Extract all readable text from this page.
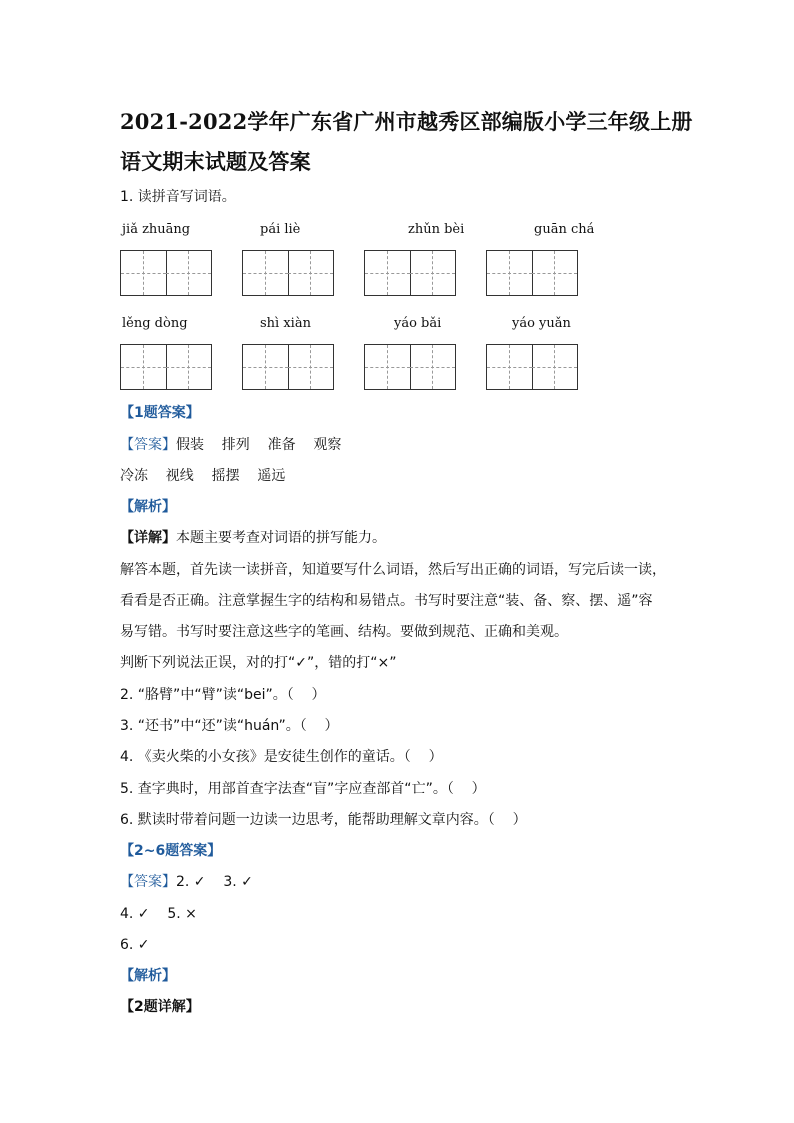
2021-2022学年广东省广州市越秀区部编版小学三年级上册
语文期末试题及答案
1. 读拼音写词语。
jiǎ zhuāng	pái liè	zhǔn bèi	guān chá
lěng dòng	shì xiàn	yáo bǎi	yáo yuǎn
【1题答案】
【答案】假装    排列    准备    观察
冷冻    视线    摇摆    遥远
【解析】
【详解】本题主要考查对词语的拼写能力。
解答本题，首先读一读拼音，知道要写什么词语，然后写出正确的词语，写完后读一读，
看看是否正确。注意掌握生字的结构和易错点。书写时要注意“装、备、察、摆、遥”容
易写错。书写时要注意这些字的笔画、结构。要做到规范、正确和美观。
判断下列说法正误，对的打“✓”，错的打“×”
2. “胳臂”中“臂”读“bei”。（    ）
3. “还书”中“还”读“huán”。（    ）
4. 《卖火柴的小女孩》是安徒生创作的童话。（    ）
5. 查字典时，用部首查字法查“盲”字应查部首“亡”。（    ）
6. 默读时带着问题一边读一边思考，能帮助理解文章内容。（    ）
【2~6题答案】
【答案】2. ✓    3. ✓
4. ✓    5. ×
6. ✓
【解析】
【2题详解】
